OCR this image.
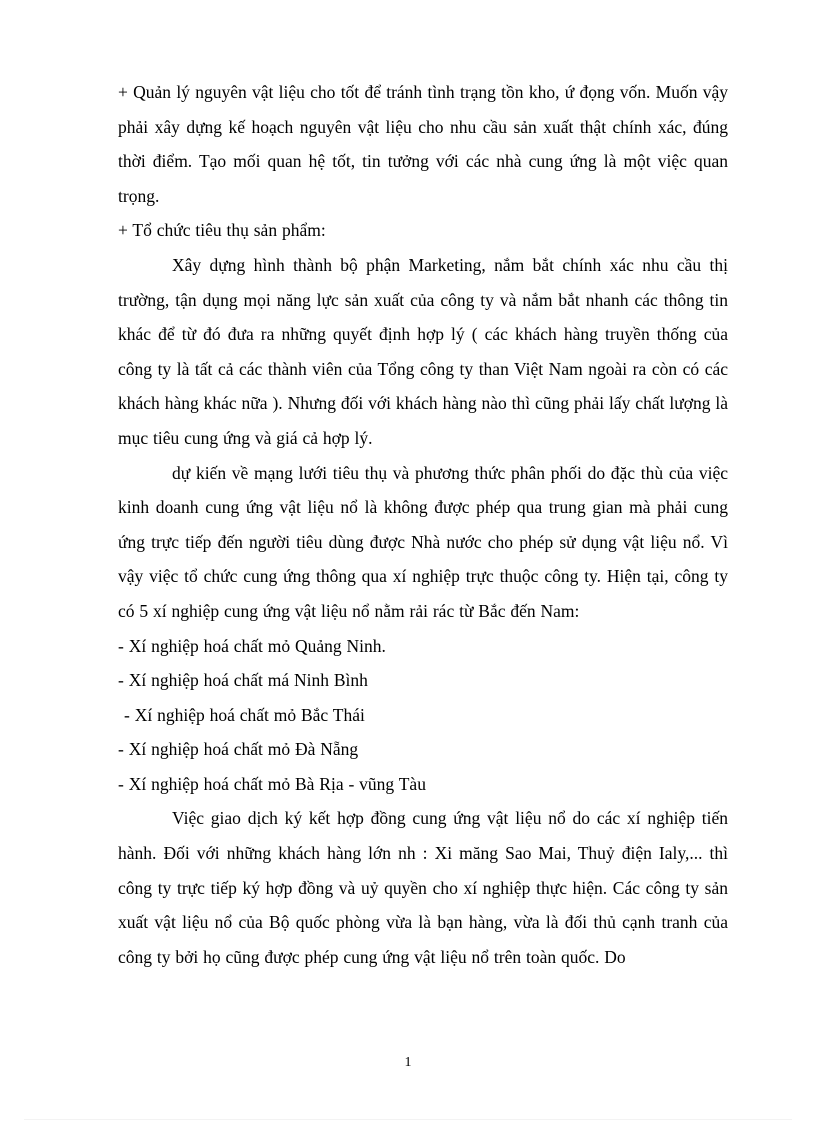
+ Quản lý nguyên vật liệu cho tốt để tránh tình trạng tồn kho, ứ đọng vốn. Muốn vậy phải xây dựng kế hoạch nguyên vật liệu cho nhu cầu sản xuất thật chính xác, đúng thời điểm. Tạo mối quan hệ tốt, tin tưởng với các nhà cung ứng là một việc quan trọng.

+ Tổ chức tiêu thụ sản phẩm:

Xây dựng hình thành bộ phận Marketing, nắm bắt chính xác nhu cầu thị trường, tận dụng mọi năng lực sản xuất của công ty và nắm bắt nhanh các thông tin khác để từ đó đưa ra những quyết định hợp lý ( các khách hàng truyền thống của công ty là tất cả các thành viên của Tổng công ty than Việt Nam ngoài ra còn có các khách hàng khác nữa ). Nhưng đối với khách hàng nào thì cũng phải lấy chất lượng là mục tiêu cung ứng và giá cả hợp lý.

dự kiến về mạng lưới tiêu thụ và phương thức phân phối do đặc thù của việc kinh doanh cung ứng vật liệu nổ là không được phép qua trung gian mà phải cung ứng trực tiếp đến người tiêu dùng được Nhà nước cho phép sử dụng vật liệu nổ. Vì vậy việc tổ chức cung ứng thông qua xí nghiệp trực thuộc công ty. Hiện tại, công ty có 5 xí nghiệp cung ứng vật liệu nổ nằm rải rác từ Bắc đến Nam:

- Xí nghiệp hoá chất mỏ Quảng Ninh.

- Xí nghiệp hoá chất má Ninh Bình

- Xí nghiệp hoá chất mỏ Bắc Thái

- Xí nghiệp hoá chất mỏ Đà Nẵng

- Xí nghiệp hoá chất mỏ Bà Rịa - vũng Tàu

Việc giao dịch ký kết hợp đồng cung ứng vật liệu nổ do các xí nghiệp tiến hành. Đối với những khách hàng lớn nh : Xi măng Sao Mai, Thuỷ điện Ialy,... thì công ty trực tiếp ký hợp đồng và uỷ quyền cho xí nghiệp thực hiện. Các công ty sản xuất vật liệu nổ của Bộ quốc phòng vừa là bạn hàng, vừa là đối thủ cạnh tranh của công ty bởi họ cũng được phép cung ứng vật liệu nổ trên toàn quốc. Do

1
